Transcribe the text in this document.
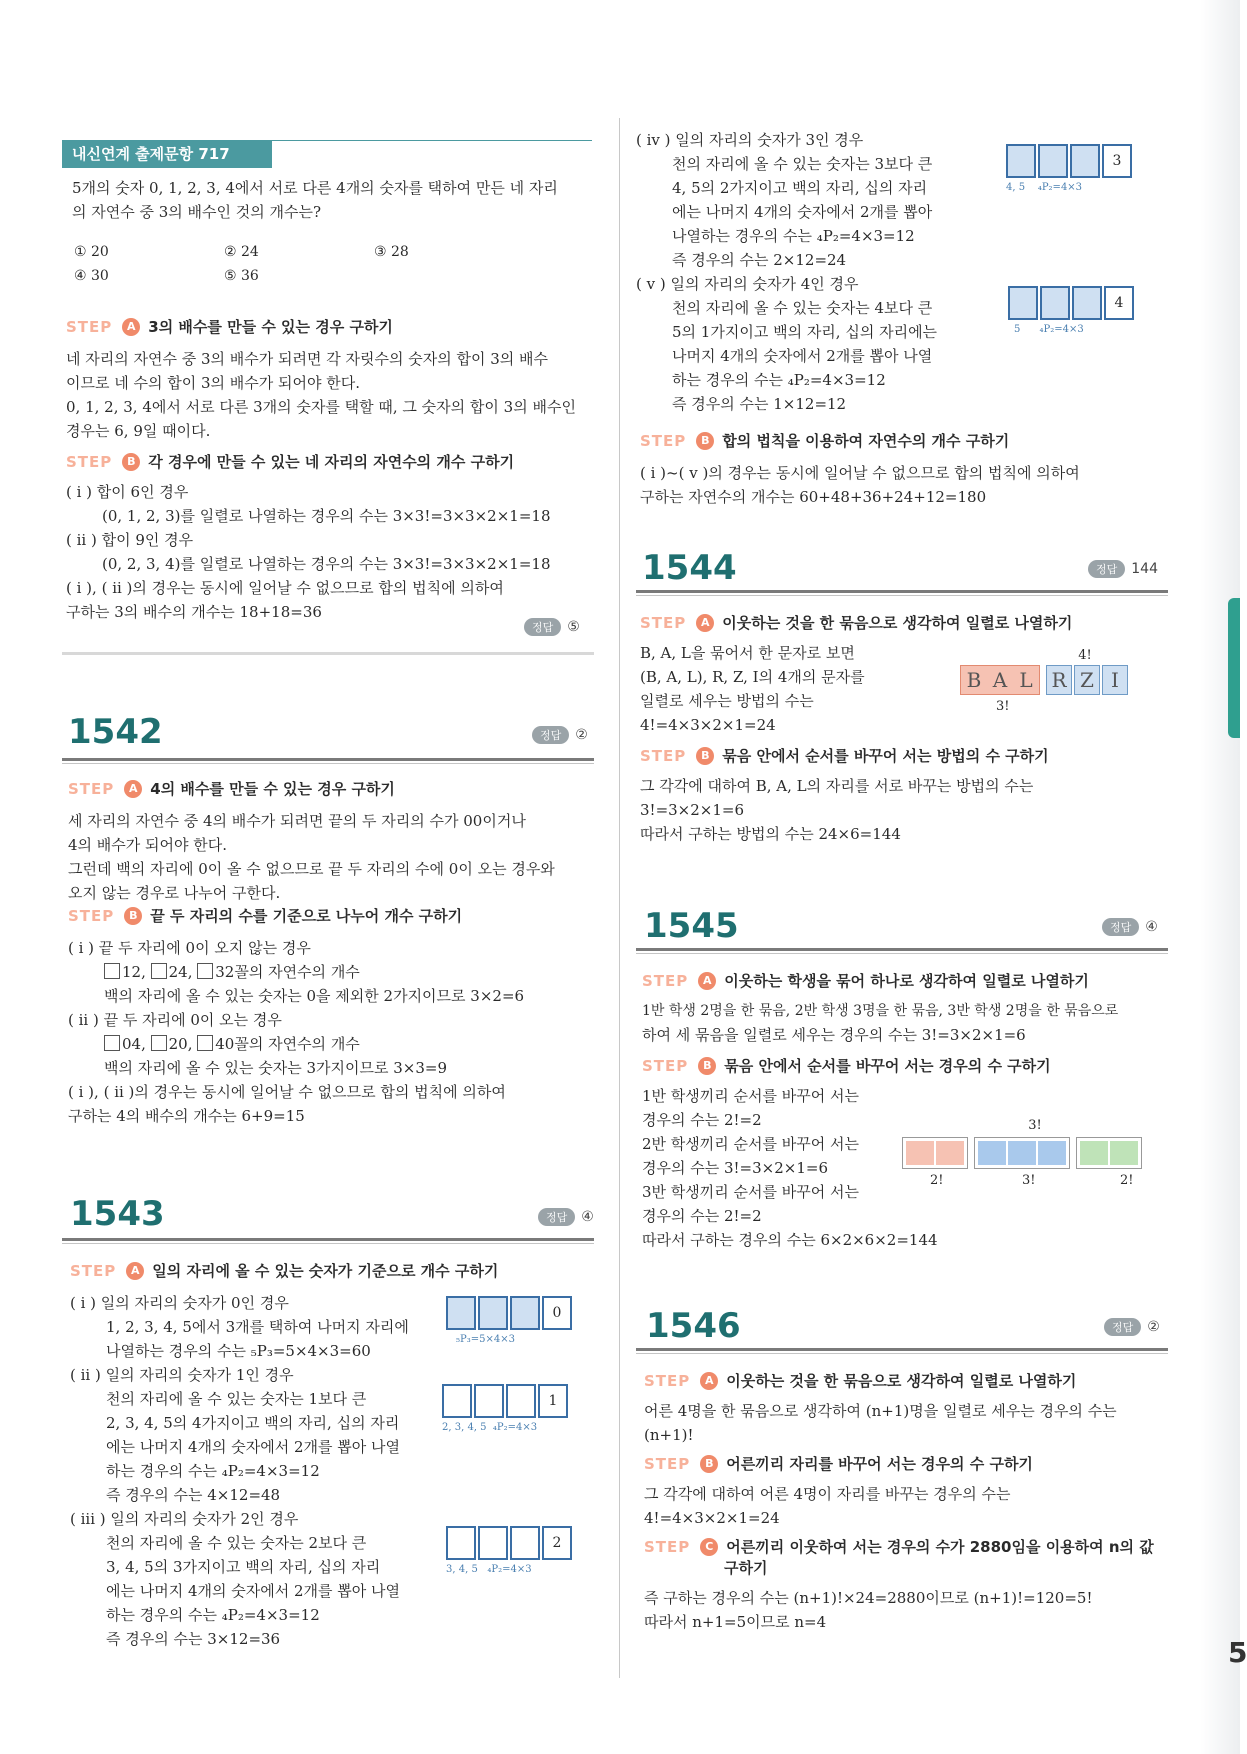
5
내신연계 출제문항 717

5개의 숫자 0, 1, 2, 3, 4에서 서로 다른 4개의 숫자를 택하여 만든 네 자리

의 자연수 중 3의 배수인 것의 개수는?

① 20	② 24	③ 28
④ 30	⑤ 36

STEP	A 3의 배수를 만들 수 있는 경우 구하기

네 자리의 자연수 중 3의 배수가 되려면 각 자릿수의 숫자의 합이 3의 배수

이므로 네 수의 합이 3의 배수가 되어야 한다.

0, 1, 2, 3, 4에서 서로 다른 3개의 숫자를 택할 때, 그 숫자의 합이 3의 배수인

경우는 6, 9일 때이다.

STEP	B 각 경우에 만들 수 있는 네 자리의 자연수의 개수 구하기

( i ) 합이 6인 경우

(0, 1, 2, 3)를 일렬로 나열하는 경우의 수는 3×3!=3×3×2×1=18

( ii ) 합이 9인 경우

(0, 2, 3, 4)를 일렬로 나열하는 경우의 수는 3×3!=3×3×2×1=18

( i ), ( ii )의 경우는 동시에 일어날 수 없으므로 합의 법칙에 의하여

구하는 3의 배수의 개수는 18+18=36

정답	⑤

1542	정답	②

STEP	A 4의 배수를 만들 수 있는 경우 구하기

세 자리의 자연수 중 4의 배수가 되려면 끝의 두 자리의 수가 00이거나

4의 배수가 되어야 한다.

그런데 백의 자리에 0이 올 수 없으므로 끝 두 자리의 수에 0이 오는 경우와

오지 않는 경우로 나누어 구한다.

STEP	B 끝 두 자리의 수를 기준으로 나누어 개수 구하기

( i ) 끝 두 자리에 0이 오지 않는 경우

12, 24, 32꼴의 자연수의 개수

백의 자리에 올 수 있는 숫자는 0을 제외한 2가지이므로 3×2=6

( ii ) 끝 두 자리에 0이 오는 경우

04, 20, 40꼴의 자연수의 개수

백의 자리에 올 수 있는 숫자는 3가지이므로 3×3=9

( i ), ( ii )의 경우는 동시에 일어날 수 없으므로 합의 법칙에 의하여

구하는 4의 배수의 개수는 6+9=15

1543	정답	④

STEP	A 일의 자리에 올 수 있는 숫자가 기준으로 개수 구하기

( i ) 일의 자리의 숫자가 0인 경우

1, 2, 3, 4, 5에서 3개를 택하여 나머지 자리에

나열하는 경우의 수는 ₅P₃=5×4×3=60

( ii ) 일의 자리의 숫자가 1인 경우

천의 자리에 올 수 있는 숫자는 1보다 큰

2, 3, 4, 5의 4가지이고 백의 자리, 십의 자리

에는 나머지 4개의 숫자에서 2개를 뽑아 나열

하는 경우의 수는 ₄P₂=4×3=12

즉 경우의 수는 4×12=48

( iii ) 일의 자리의 숫자가 2인 경우

천의 자리에 올 수 있는 숫자는 2보다 큰

3, 4, 5의 3가지이고 백의 자리, 십의 자리

에는 나머지 4개의 숫자에서 2개를 뽑아 나열

하는 경우의 수는 ₄P₂=4×3=12

즉 경우의 수는 3×12=36

0
₅P₃=5×4×3
1
2, 3, 4, 5 ₄P₂=4×3
2
3, 4, 5 ₄P₂=4×3

( iv ) 일의 자리의 숫자가 3인 경우

천의 자리에 올 수 있는 숫자는 3보다 큰

4, 5의 2가지이고 백의 자리, 십의 자리

에는 나머지 4개의 숫자에서 2개를 뽑아

나열하는 경우의 수는 ₄P₂=4×3=12

즉 경우의 수는 2×12=24

( v ) 일의 자리의 숫자가 4인 경우

천의 자리에 올 수 있는 숫자는 4보다 큰

5의 1가지이고 백의 자리, 십의 자리에는

나머지 4개의 숫자에서 2개를 뽑아 나열

하는 경우의 수는 ₄P₂=4×3=12

즉 경우의 수는 1×12=12

3
4, 5 ₄P₂=4×3
4
5 ₄P₂=4×3

STEP	B 합의 법칙을 이용하여 자연수의 개수 구하기

( i )~( v )의 경우는 동시에 일어날 수 없으므로 합의 법칙에 의하여

구하는 자연수의 개수는 60+48+36+24+12=180

1544	정답	144

STEP	A 이웃하는 것을 한 묶음으로 생각하여 일렬로 나열하기

B, A, L을 묶어서 한 문자로 보면

(B, A, L), R, Z, I의 4개의 문자를

일렬로 세우는 방법의 수는

4!=4×3×2×1=24

STEP	B 묶음 안에서 순서를 바꾸어 서는 방법의 수 구하기

그 각각에 대하여 B, A, L의 자리를 서로 바꾸는 방법의 수는

3!=3×2×1=6

따라서 구하는 방법의 수는 24×6=144

4!
B A L R Z I
3!

1545	정답	④

STEP	A 이웃하는 학생을 묶어 하나로 생각하여 일렬로 나열하기

1반 학생 2명을 한 묶음, 2반 학생 3명을 한 묶음, 3반 학생 2명을 한 묶음으로

하여 세 묶음을 일렬로 세우는 경우의 수는 3!=3×2×1=6

STEP	B 묶음 안에서 순서를 바꾸어 서는 경우의 수 구하기

1반 학생끼리 순서를 바꾸어 서는

경우의 수는 2!=2

2반 학생끼리 순서를 바꾸어 서는

경우의 수는 3!=3×2×1=6

3반 학생끼리 순서를 바꾸어 서는

경우의 수는 2!=2

따라서 구하는 경우의 수는 6×2×6×2=144

3!
2!	3!	2!

1546	정답	②

STEP	A 이웃하는 것을 한 묶음으로 생각하여 일렬로 나열하기

어른 4명을 한 묶음으로 생각하여 (n+1)명을 일렬로 세우는 경우의 수는

(n+1)!

STEP	B 어른끼리 자리를 바꾸어 서는 경우의 수 구하기

그 각각에 대하여 어른 4명이 자리를 바꾸는 경우의 수는

4!=4×3×2×1=24

STEP	C 어른끼리 이웃하여 서는 경우의 수가 2880임을 이용하여 n의 값

구하기

즉 구하는 경우의 수는 (n+1)!×24=2880이므로 (n+1)!=120=5!

따라서 n+1=5이므로 n=4
